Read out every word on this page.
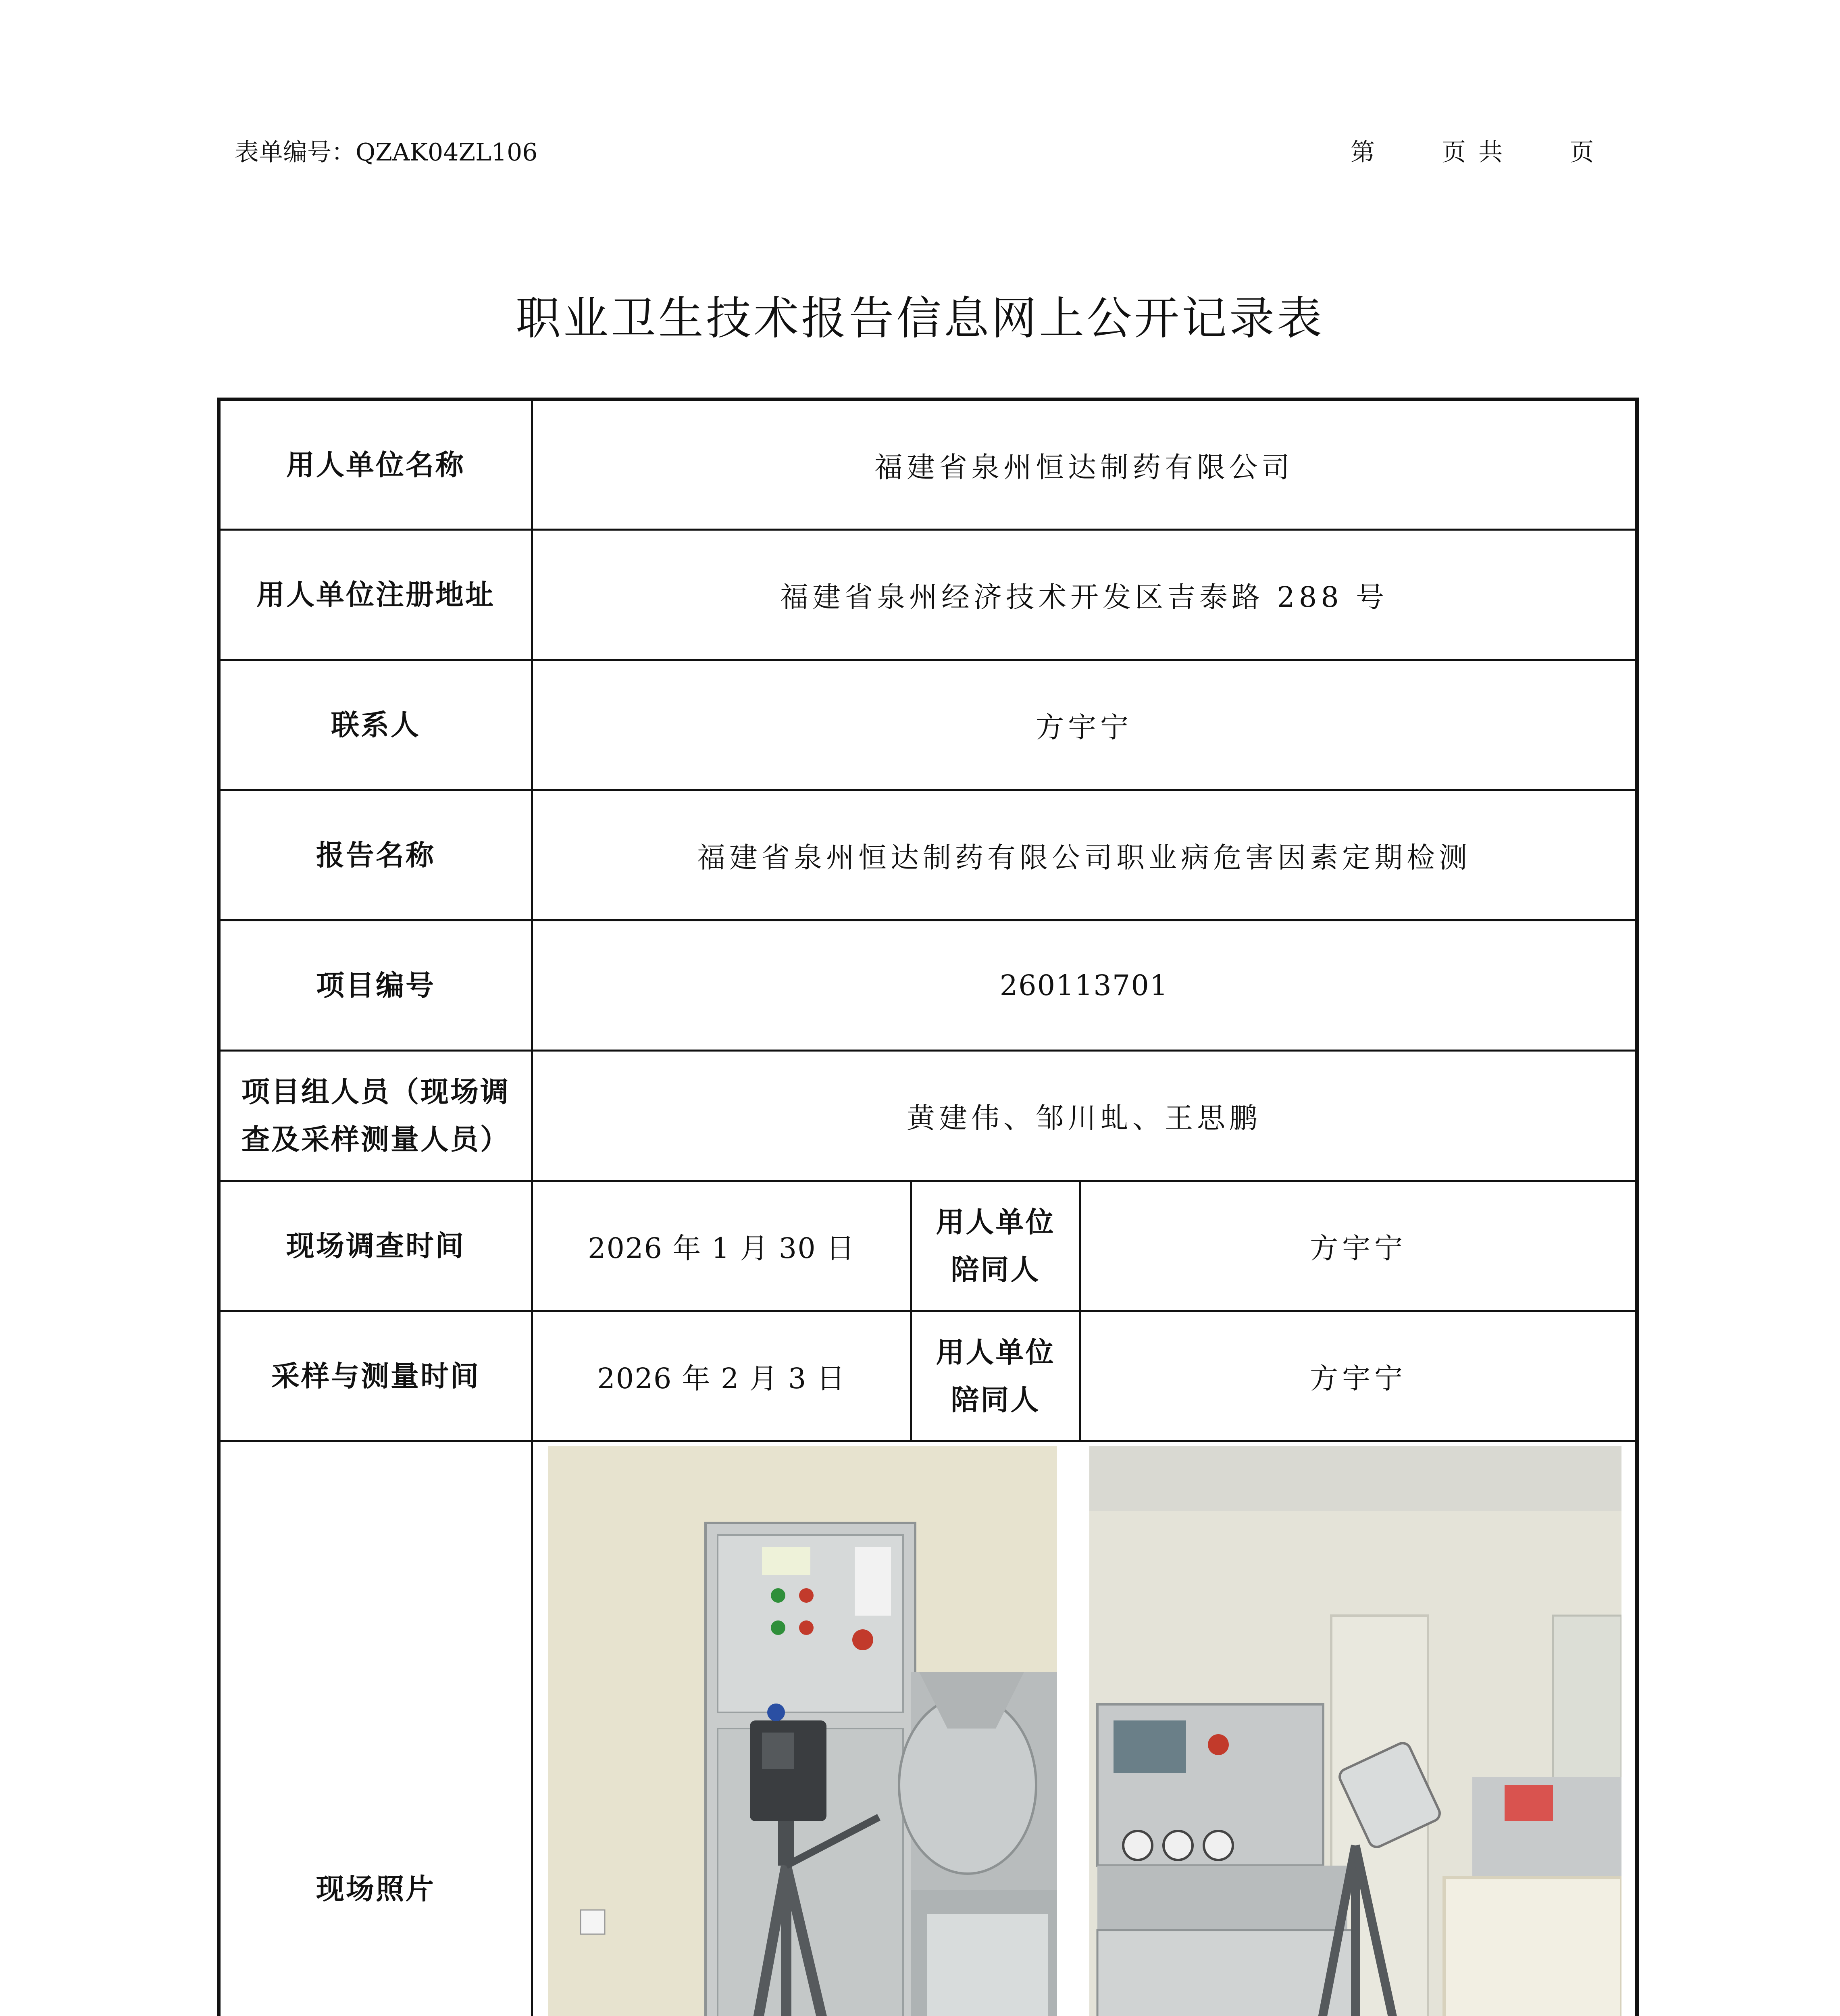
表单编号：QZAK04ZL106	第	页 共	页
职业卫生技术报告信息网上公开记录表
用人单位名称	福建省泉州恒达制药有限公司		
用人单位注册地址	福建省泉州经济技术开发区吉泰路 288 号		
联系人	方宇宁		
报告名称	福建省泉州恒达制药有限公司职业病危害因素定期检测		
项目编号	260113701		

项目组人员（现场调
查及采样测量人员）	黄建伟、邹川虬、王思鹏		
现场调查时间	2026 年 1 月 30 日	用人单位
陪同人	方宇宁
采样与测量时间	2026 年 2 月 3 日	用人单位
陪同人	方宇宁
现场照片	
